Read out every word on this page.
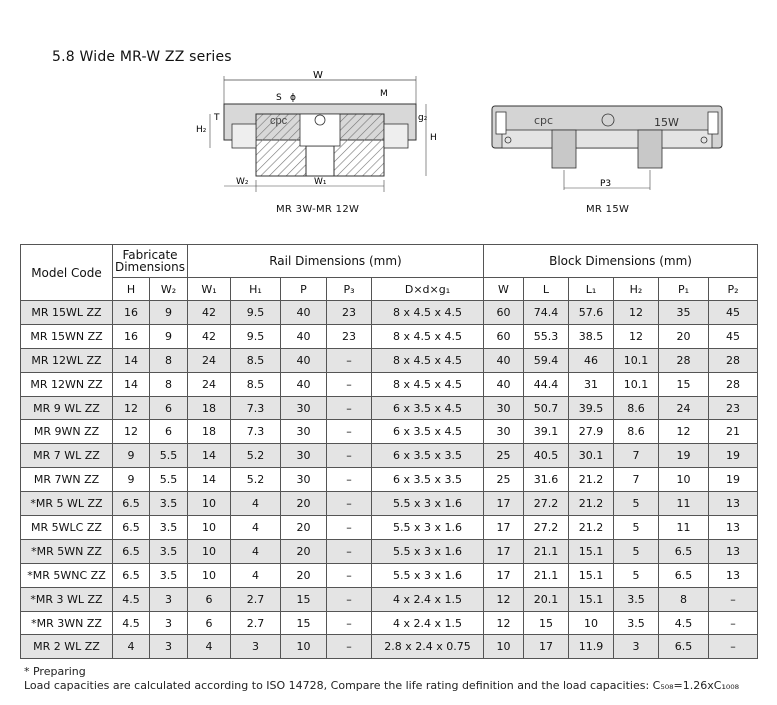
5.8 Wide MR-W ZZ series
W
cpc
S ϕ	M
T
H₂
g₂
H
W₂	W₁
MR 3W-MR 12W
cpc	15W
P3
MR 15W
Model Code	Fabricate Dimensions		Rail Dimensions (mm)					Block Dimensions (mm)					
	H	W₂	W₁	H₁	P	P₃	D×d×g₁	W	L	L₁	H₂	P₁	P₂
MR 15WL ZZ	16	9	42	9.5	40	23	8 x 4.5 x 4.5	60	74.4	57.6	12	35	45
MR 15WN ZZ	16	9	42	9.5	40	23	8 x 4.5 x 4.5	60	55.3	38.5	12	20	45
MR 12WL ZZ	14	8	24	8.5	40	–	8 x 4.5 x 4.5	40	59.4	46	10.1	28	28
MR 12WN ZZ	14	8	24	8.5	40	–	8 x 4.5 x 4.5	40	44.4	31	10.1	15	28
MR 9 WL ZZ	12	6	18	7.3	30	–	6 x 3.5 x 4.5	30	50.7	39.5	8.6	24	23
MR 9WN ZZ	12	6	18	7.3	30	–	6 x 3.5 x 4.5	30	39.1	27.9	8.6	12	21
MR 7 WL ZZ	9	5.5	14	5.2	30	–	6 x 3.5 x 3.5	25	40.5	30.1	7	19	19
MR 7WN ZZ	9	5.5	14	5.2	30	–	6 x 3.5 x 3.5	25	31.6	21.2	7	10	19
*MR 5 WL ZZ	6.5	3.5	10	4	20	–	5.5 x 3 x 1.6	17	27.2	21.2	5	11	13
MR 5WLC ZZ	6.5	3.5	10	4	20	–	5.5 x 3 x 1.6	17	27.2	21.2	5	11	13
*MR 5WN ZZ	6.5	3.5	10	4	20	–	5.5 x 3 x 1.6	17	21.1	15.1	5	6.5	13
*MR 5WNC ZZ	6.5	3.5	10	4	20	–	5.5 x 3 x 1.6	17	21.1	15.1	5	6.5	13
*MR 3 WL ZZ	4.5	3	6	2.7	15	–	4 x 2.4 x 1.5	12	20.1	15.1	3.5	8	–
*MR 3WN ZZ	4.5	3	6	2.7	15	–	4 x 2.4 x 1.5	12	15	10	3.5	4.5	–
MR 2 WL ZZ	4	3	4	3	10	–	2.8 x 2.4 x 0.75	10	17	11.9	3	6.5	–
* Preparing
Load capacities are calculated according to ISO 14728, Compare the life rating definition and the load capacities: C₅₀₈=1.26xC₁₀₀₈
